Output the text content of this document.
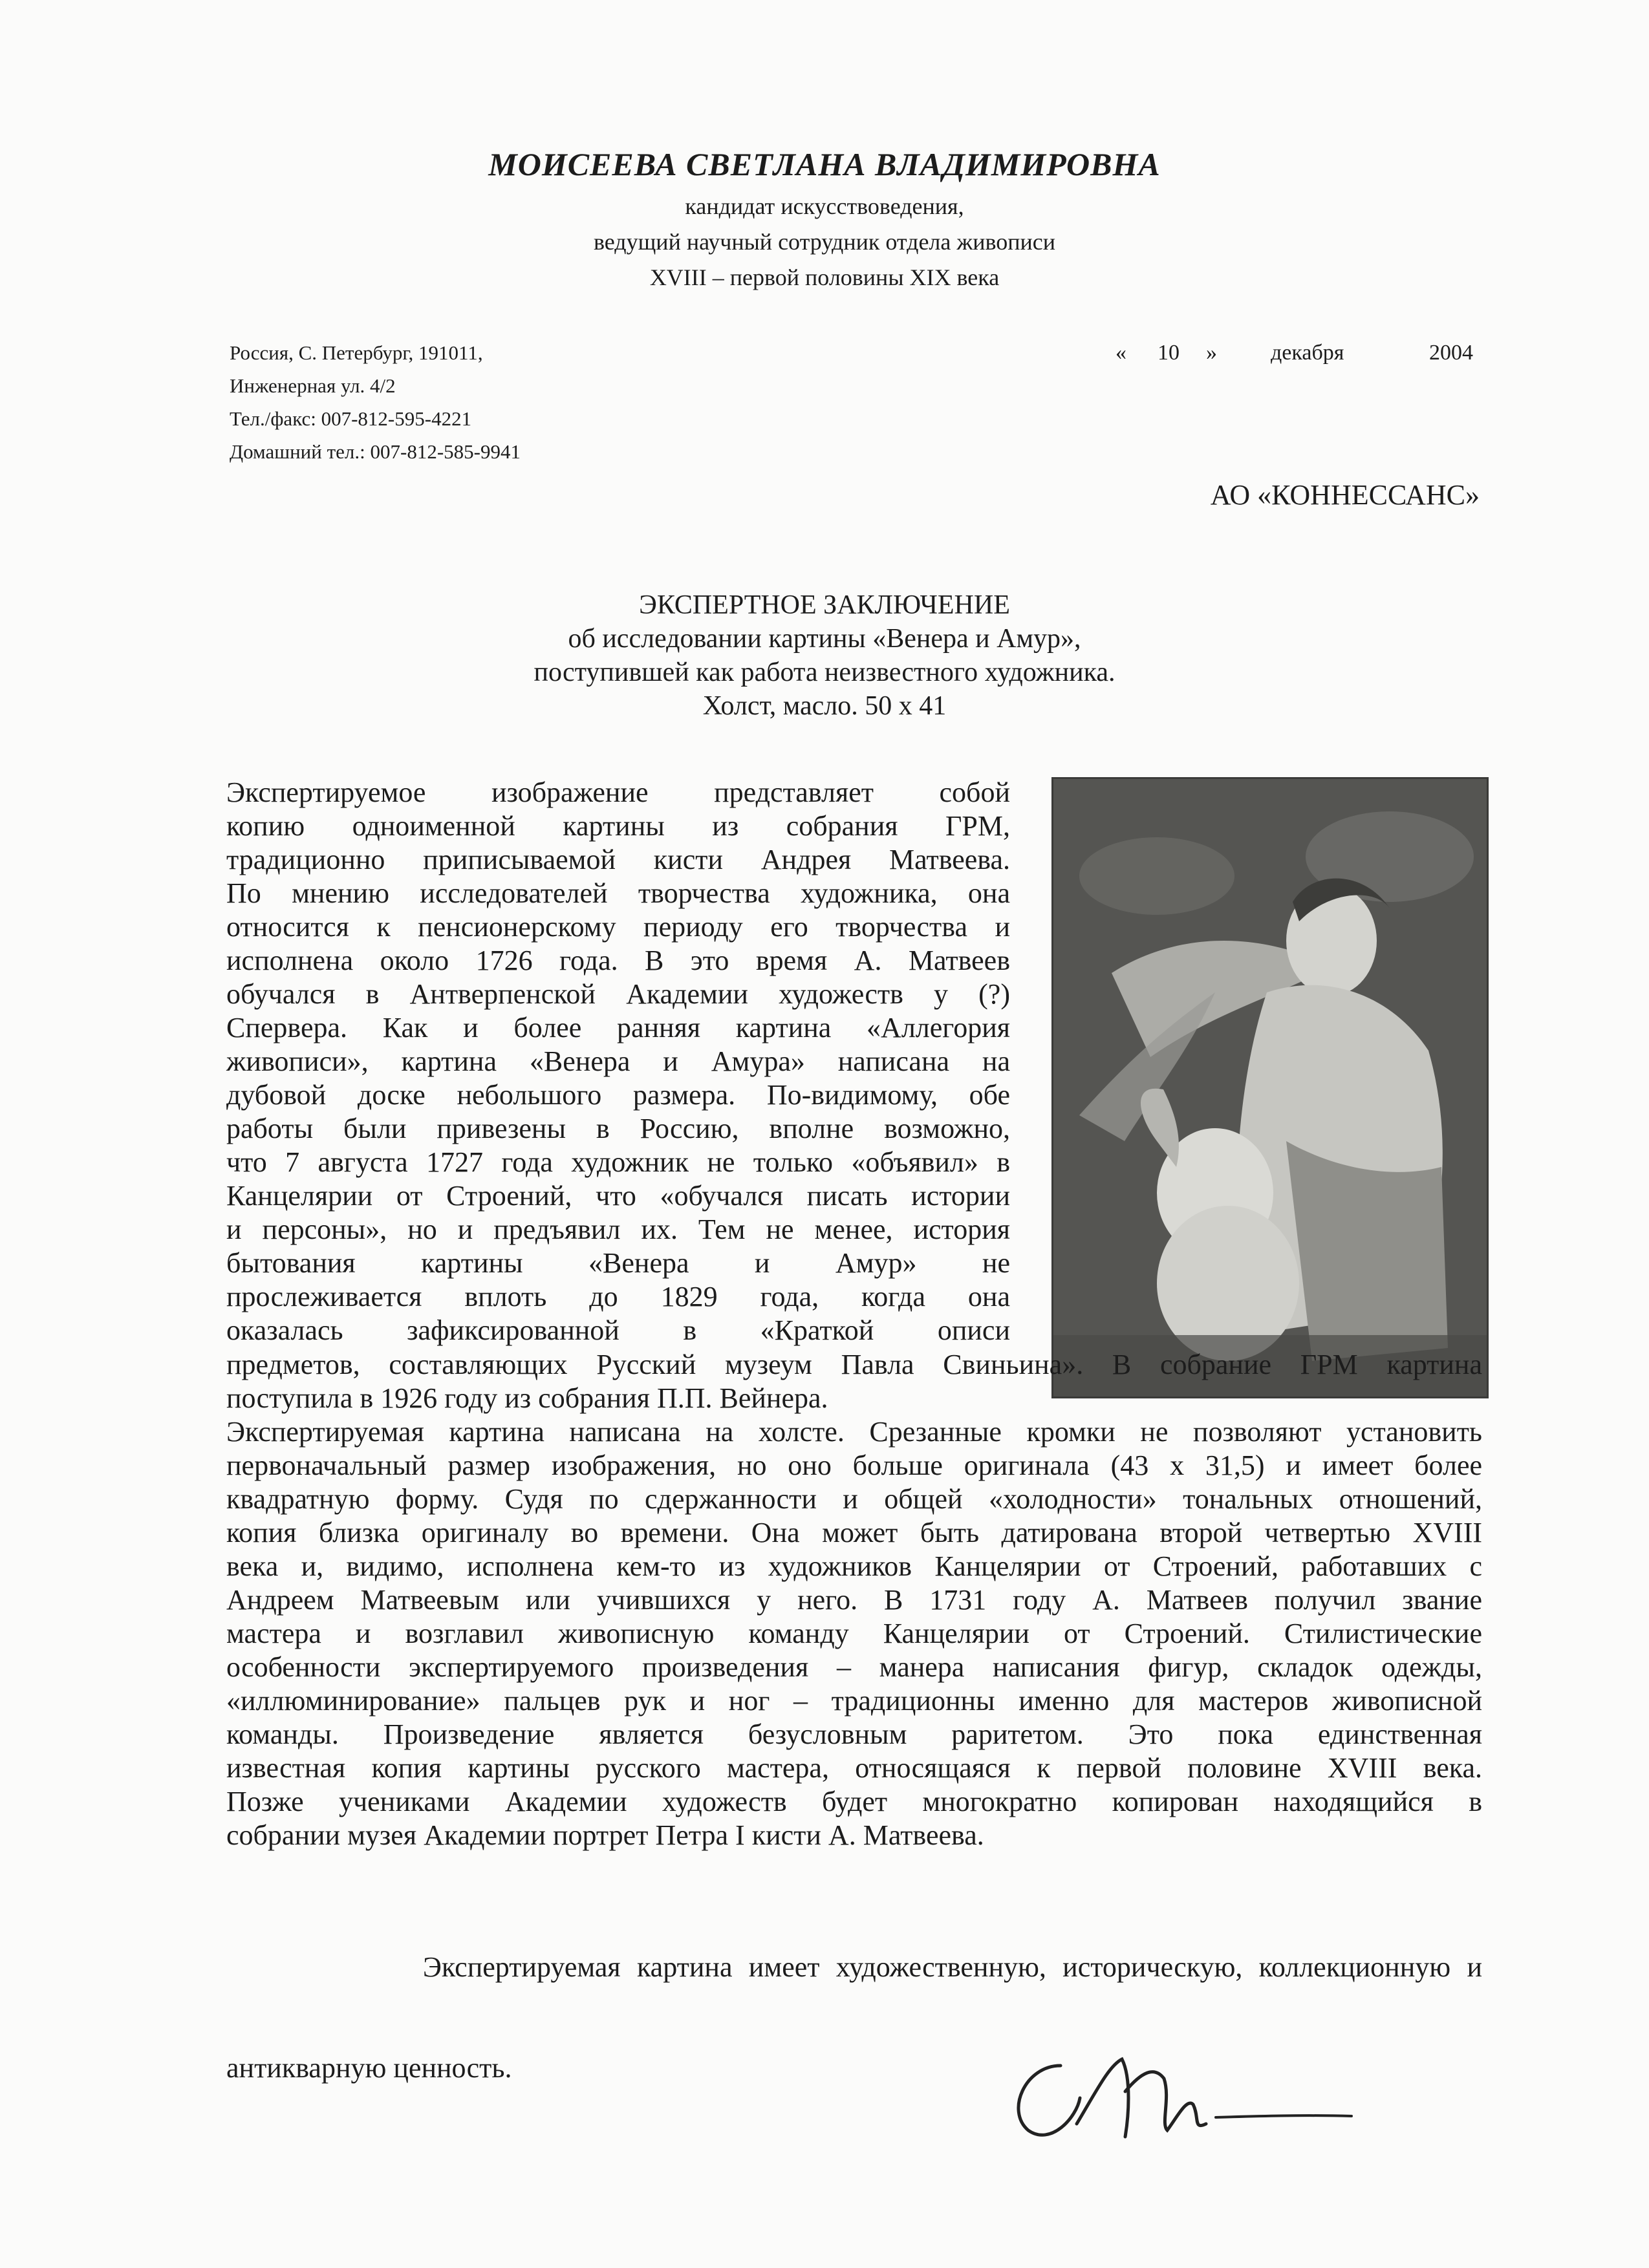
МОИСЕЕВА СВЕТЛАНА ВЛАДИМИРОВНА
кандидат искусствоведения,
ведущий научный сотрудник отдела живописи
XVIII – первой половины XIX века
Россия, С. Петербург, 191011,
Инженерная ул. 4/2
Тел./факс: 007-812-595-4221
Домашний тел.: 007-812-585-9941
« 10 » декабря	2004
АО «КОННЕССАНС»
ЭКСПЕРТНОЕ ЗАКЛЮЧЕНИЕ
об исследовании картины «Венера и Амур»,
поступившей как работа неизвестного художника.
Холст, масло. 50 х 41
Экспертируемое изображение представляет собой
копию одноименной картины из собрания ГРМ,
традиционно приписываемой кисти Андрея Матвеева.
По мнению исследователей творчества художника, она
относится к пенсионерскому периоду его творчества и
исполнена около 1726 года. В это время А. Матвеев
обучался в Антверпенской Академии художеств у (?)
Спервера. Как и более ранняя картина «Аллегория
живописи», картина «Венера и Амура» написана на
дубовой доске небольшого размера. По-видимому, обе
работы были привезены в Россию, вполне возможно,
что 7 августа 1727 года художник не только «объявил» в
Канцелярии от Строений, что «обучался писать истории
и персоны», но и предъявил их. Тем не менее, история
бытования картины «Венера и Амур» не
прослеживается вплоть до 1829 года, когда она
оказалась зафиксированной в «Краткой описи
предметов, составляющих Русский музеум Павла Свиньина». В собрание ГРМ картина
поступила в 1926 году из собрания П.П. Вейнера.
Экспертируемая картина написана на холсте. Срезанные кромки не позволяют установить
первоначальный размер изображения, но оно больше оригинала (43 х 31,5) и имеет более
квадратную форму. Судя по сдержанности и общей «холодности» тональных отношений,
копия близка оригиналу во времени. Она может быть датирована второй четвертью XVIII
века и, видимо, исполнена кем-то из художников Канцелярии от Строений, работавших с
Андреем Матвеевым или учившихся у него. В 1731 году А. Матвеев получил звание
мастера и возглавил живописную команду Канцелярии от Строений. Стилистические
особенности экспертируемого произведения – манера написания фигур, складок одежды,
«иллюминирование» пальцев рук и ног – традиционны именно для мастеров живописной
команды. Произведение является безусловным раритетом. Это пока единственная
известная копия картины русского мастера, относящаяся к первой половине XVIII века.
Позже учениками Академии художеств будет многократно копирован находящийся в
собрании музея Академии портрет Петра I кисти А. Матвеева.

Экспертируемая картина имеет художественную, историческую, коллекционную и

антикварную ценность.
